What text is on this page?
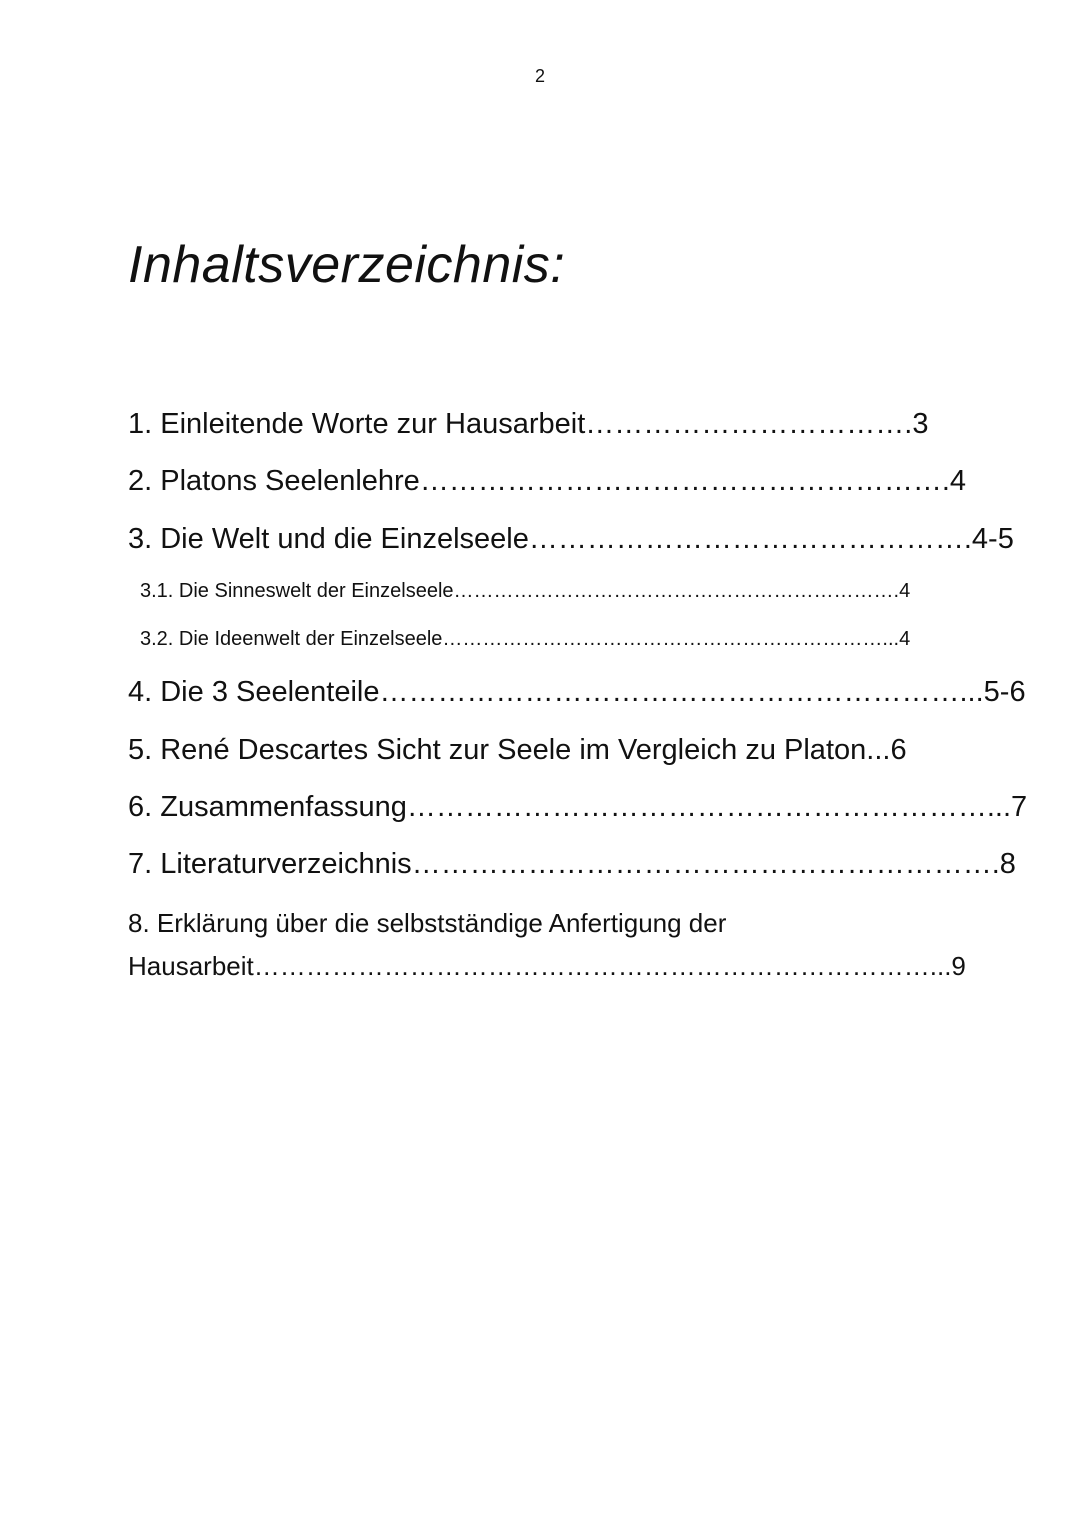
2
Inhaltsverzeichnis:
1. Einleitende Worte zur Hausarbeit…………………………….3
2. Platons Seelenlehre……………………………………………….4
3. Die Welt und die Einzelseele……………………………………….4-5
3.1. Die Sinneswelt der Einzelseele………………………………………………………….4
3.2. Die Ideenwelt der Einzelseele…………………………………………………………...4
4. Die 3 Seelenteile……………………………………………………...5-6
5. René Descartes Sicht zur Seele im Vergleich zu Platon...6
6. Zusammenfassung……………………………………………………...7
7. Literaturverzeichnis…………………………………………………….8
8. Erklärung über die selbstständige Anfertigung der
Hausarbeit……………………………………………………………………...9
